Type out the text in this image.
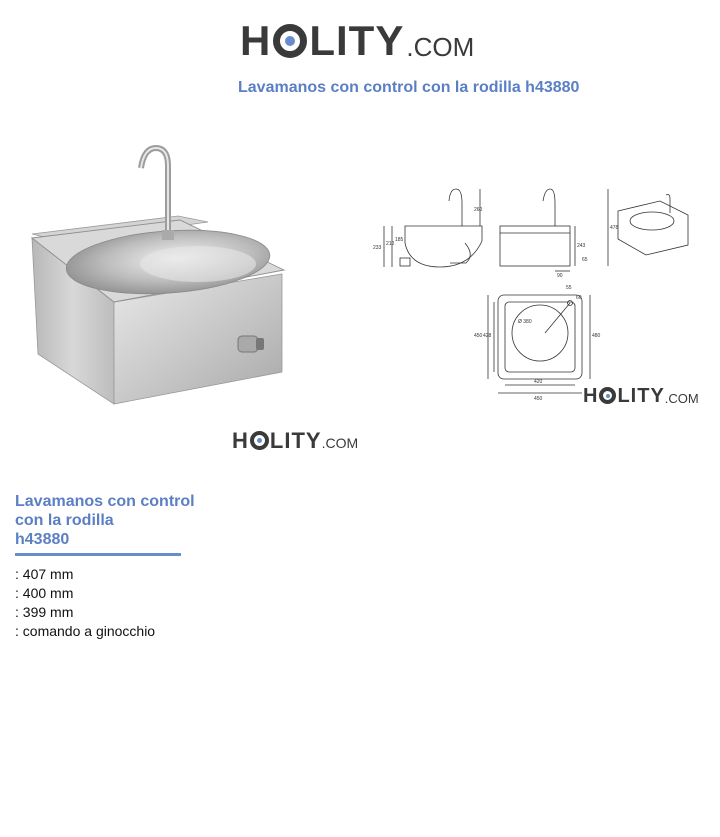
H LITY .COM
Lavamanos con control con la rodilla h43880
260
233
210
185
478
243
65
90
55
60
Ø 380
450 428	480
420
450
H LITY .COM
H LITY .COM
Lavamanos con control
con la rodilla
h43880
: 407 mm
: 400 mm
: 399 mm
: comando a ginocchio
